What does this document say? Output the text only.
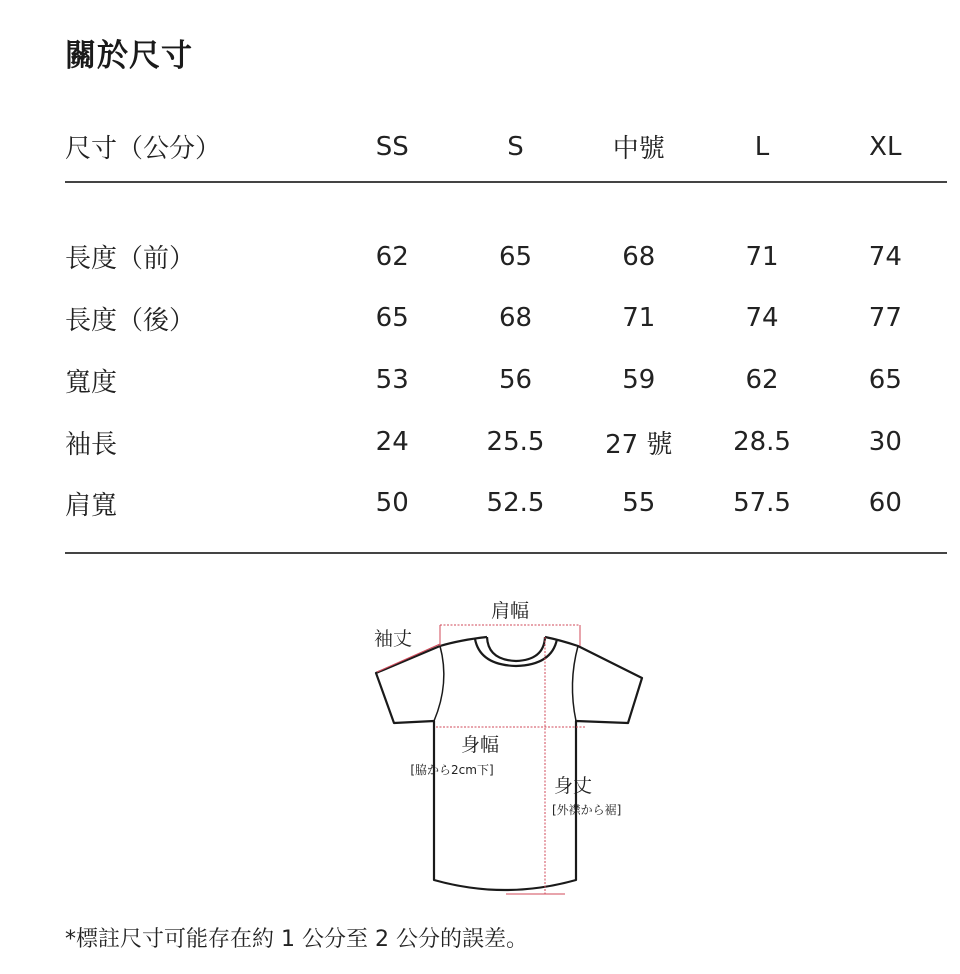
關於尺寸
尺寸（公分）	SS	S	中號	L	XL
長度（前）	62	65	68	71	74
長度（後）	65	68	71	74	77
寬度	53	56	59	62	65
袖長	24	25.5	27 號	28.5	30
肩寬	50	52.5	55	57.5	60
肩幅
袖丈
身幅
[脇から2cm下]
身丈
[外襟から裾]

*標註尺寸可能存在約 1 公分至 2 公分的誤差。
